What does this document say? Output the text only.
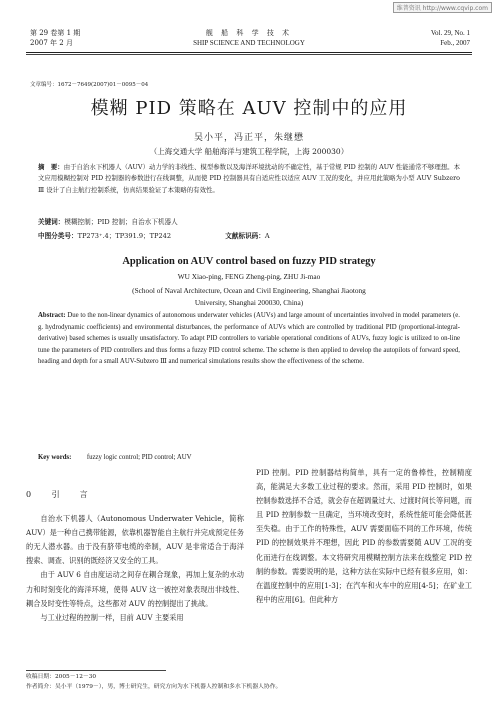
维普资讯 http://www.cqvip.com
第 29 卷第 1 期
2007 年 2 月
舰 船 科 学 技 术
SHIP SCIENCE AND TECHNOLOGY
Vol. 29, No. 1
Feb., 2007
文章编号：1672－7649(2007)01－0095－04
模糊 PID 策略在 AUV 控制中的应用
吴小平，冯正平，朱继懋
（上海交通大学 船舶海洋与建筑工程学院，上海 200030）
摘　要：由于自治水下机器人（AUV）动力学的非线性、模型参数以及海洋环境扰动的不确定性，基于常规 PID 控制的 AUV 性能通常不够理想。本文应用模糊控制对 PID 控制器的参数进行在线调整，从而使 PID 控制器具有自适应性以适应 AUV 工况的变化，并应用此策略为小型 AUV Subzero Ⅲ 设计了自主航行控制系统，仿真结果验证了本策略的有效性。
关键词：模糊控制；PID 控制；自治水下机器人
中图分类号：TP273⁺.4；TP391.9；TP242	文献标识码：A
Application on AUV control based on fuzzy PID strategy
WU Xiao-ping, FENG Zheng-ping, ZHU Ji-mao
(School of Naval Architecture, Ocean and Civil Engineering, Shanghai Jiaotong
University, Shanghai 200030, China)
Abstract: Due to the non-linear dynamics of autonomous underwater vehicles (AUVs) and large amount of uncertainties involved in model parameters (e. g. hydrodynamic coefficients) and environmental disturbances, the performance of AUVs which are controlled by traditional PID (proportional-integral-derivative) based schemes is usually unsatisfactory. To adapt PID controllers to variable operational conditions of AUVs, fuzzy logic is utilized to on-line tune the parameters of PID controllers and thus forms a fuzzy PID control scheme. The scheme is then applied to develop the autopilots of forward speed, heading and depth for a small AUV-Subzero Ⅲ and numerical simulations results show the effectiveness of the scheme.
Key words: fuzzy logic control; PID control; AUV
0 引　言

自治水下机器人（Autonomous Underwater Vehicle，简称 AUV）是一种自己携带能源，依靠机器智能自主航行并完成预定任务的无人潜水器。由于没有脐带电缆的牵制，AUV 是非常适合于海洋搜索、调查、识别的既经济又安全的工具。

由于 AUV 6 自由度运动之间存在耦合现象，再加上复杂的水动力和时刻变化的海洋环境，使得 AUV 这一被控对象表现出非线性、耦合及时变性等特点，这些都对 AUV 的控制提出了挑战。

与工业过程的控制一样，目前 AUV 主要采用

PID 控制。PID 控制器结构简单，具有一定的鲁棒性，控制精度高，能满足大多数工业过程的要求。然而，采用 PID 控制时，如果控制参数选择不合适，就会存在超调量过大、过渡时间长等问题，而且 PID 控制参数一旦确定，当环境改变时，系统性能可能会降低甚至失稳。由于工作的特殊性，AUV 需要面临不同的工作环境，传统 PID 的控制效果并不理想，因此 PID 的参数需要随 AUV 工况的变化而进行在线调整。本文将研究用模糊控制方法来在线整定 PID 控制的参数。需要说明的是，这种方法在实际中已经有很多应用，如：在温度控制中的应用[1-3]；在汽车和火车中的应用[4-5]；在矿业工程中的应用[6]。但此种方

收稿日期：2005－12－30
作者简介：吴小平（1979－），男，博士研究生，研究方向为水下机器人控制和多水下机器人协作。
